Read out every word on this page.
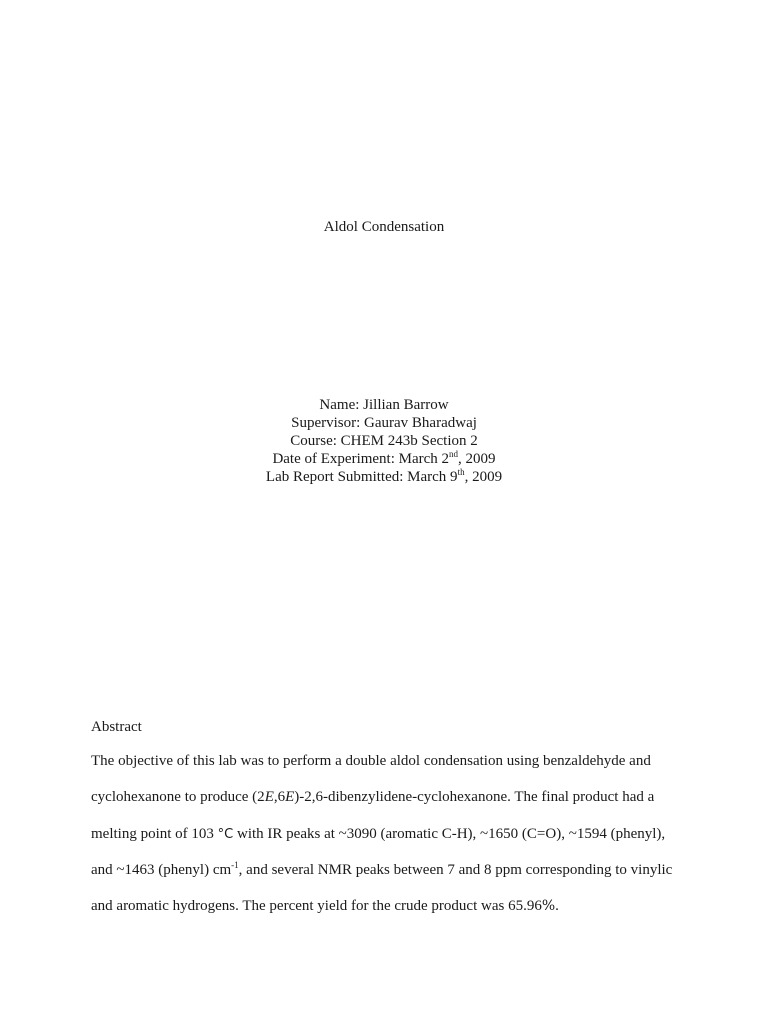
Aldol Condensation
Name: Jillian Barrow
Supervisor: Gaurav Bharadwaj
Course: CHEM 243b Section 2
Date of Experiment: March 2nd, 2009
Lab Report Submitted: March 9th, 2009
Abstract
The objective of this lab was to perform a double aldol condensation using benzaldehyde and
cyclohexanone to produce (2E,6E)-2,6-dibenzylidene-cyclohexanone. The final product had a
melting point of 103 °C with IR peaks at ~3090 (aromatic C-H), ~1650 (C=O), ~1594 (phenyl),
and ~1463 (phenyl) $cm^{-1}$, and several NMR peaks between 7 and 8 ppm corresponding to vinylic
and aromatic hydrogens. The percent yield for the crude product was 65.96%.
